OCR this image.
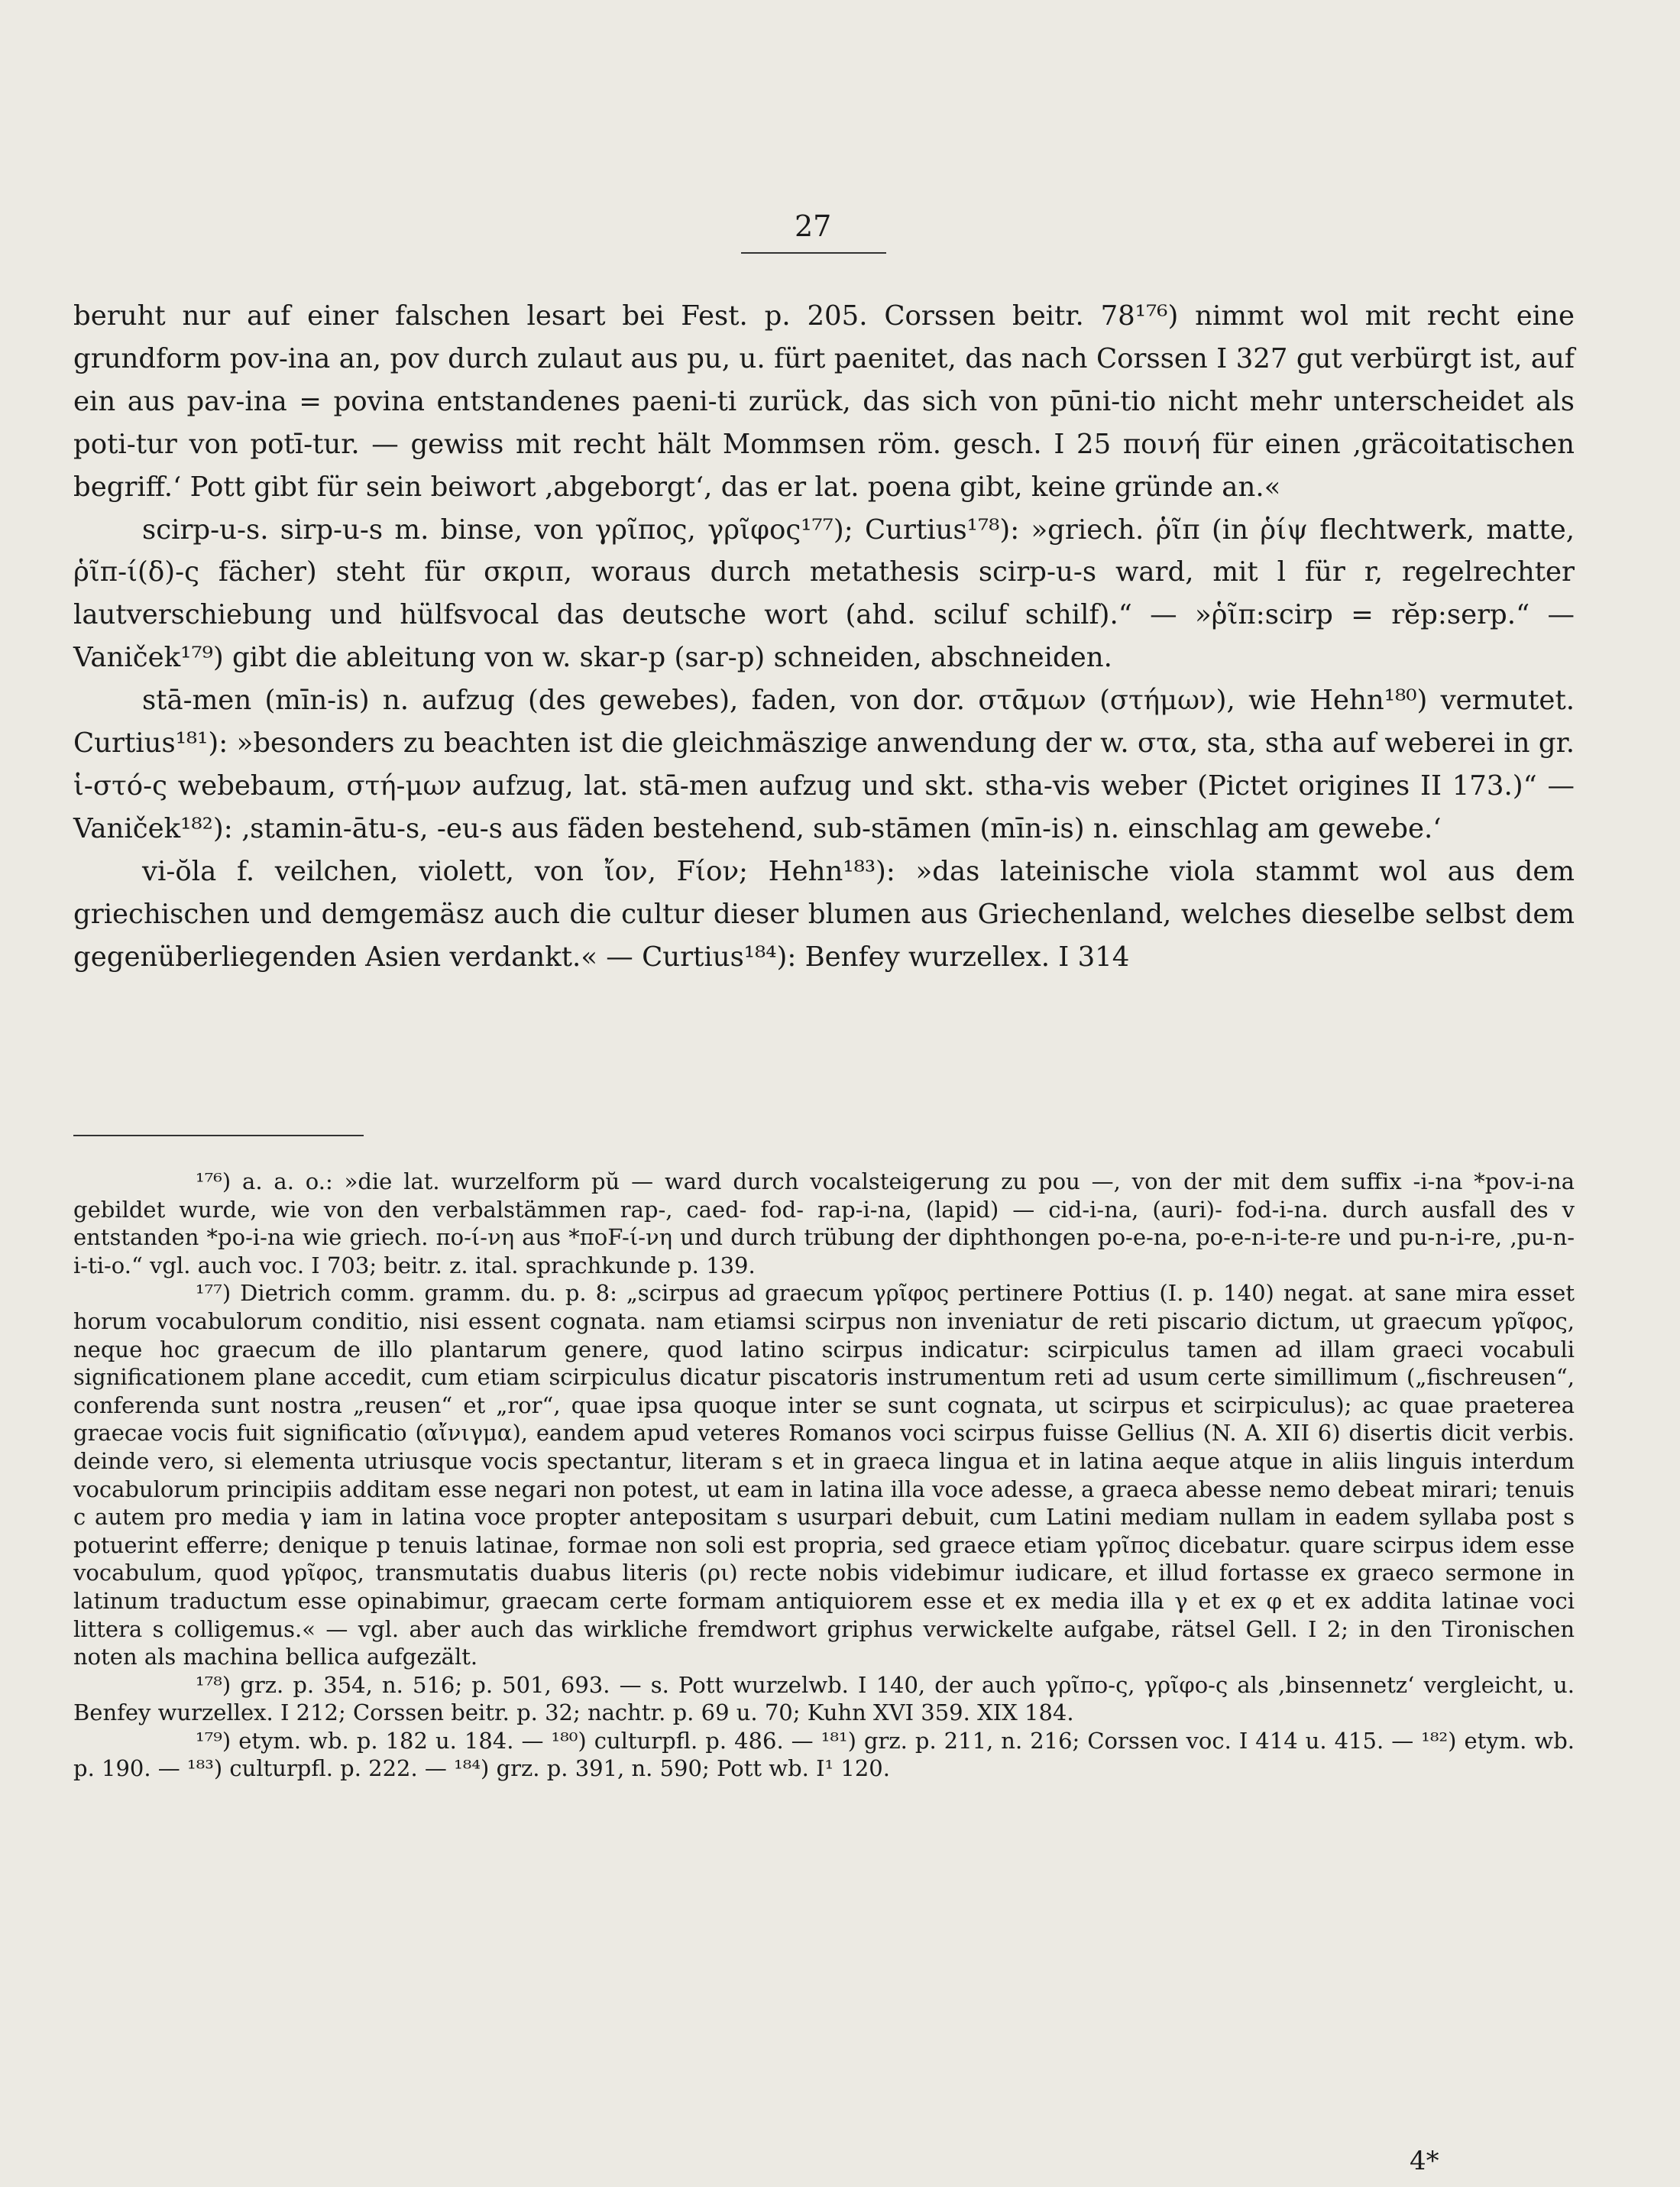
27

beruht nur auf einer falschen lesart bei Fest. p. 205. Corssen beitr. 78¹⁷⁶) nimmt wol mit recht eine grundform pov-ina an, pov durch zulaut aus pu, u. fürt paenitet, das nach Corssen I 327 gut verbürgt ist, auf ein aus pav-ina = povina entstandenes paeni-ti zurück, das sich von pūni-tio nicht mehr unterscheidet als poti-tur von potī-tur. — gewiss mit recht hält Mommsen röm. gesch. I 25 ποινή für einen ‚gräcoitatischen begriff.‘ Pott gibt für sein beiwort ‚abgeborgt‘, das er lat. poena gibt, keine gründe an.«

scirp-u-s. sirp-u-s m. binse, von γρῖπος, γρῖφος¹⁷⁷); Curtius¹⁷⁸): »griech. ῥῖπ (in ῥίψ flechtwerk, matte, ῥῖπ-ί(δ)-ς fächer) steht für σκριπ, woraus durch metathesis scirp-u-s ward, mit l für r, regelrechter lautverschiebung und hülfsvocal das deutsche wort (ahd. sciluf schilf).“ — »ῥῖπ:scirp = rĕp:serp.“ — Vaniček¹⁷⁹) gibt die ableitung von w. skar-p (sar-p) schneiden, abschneiden.

stā-men (mīn-is) n. aufzug (des gewebes), faden, von dor. στᾱμων (στήμων), wie Hehn¹⁸⁰) vermutet. Curtius¹⁸¹): »besonders zu beachten ist die gleichmäszige anwendung der w. στα, sta, stha auf weberei in gr. ἱ-στό-ς webebaum, στή-μων aufzug, lat. stā-men aufzug und skt. stha-vis weber (Pictet origines II 173.)“ — Vaniček¹⁸²): ‚stamin-ātu-s, -eu-s aus fäden bestehend, sub-stāmen (mīn-is) n. einschlag am gewebe.‘

vi-ŏla f. veilchen, violett, von ἴον, Fίον; Hehn¹⁸³): »das lateinische viola stammt wol aus dem griechischen und demgemäsz auch die cultur dieser blumen aus Griechenland, welches dieselbe selbst dem gegenüberliegenden Asien verdankt.« — Curtius¹⁸⁴): Benfey wurzellex. I 314

¹⁷⁶) a. a. o.: »die lat. wurzelform pŭ — ward durch vocalsteigerung zu pou —, von der mit dem suffix -i-na *pov-i-na gebildet wurde, wie von den verbalstämmen rap-, caed- fod- rap-i-na, (lapid) — cid-i-na, (auri)- fod-i-na. durch ausfall des v entstanden *po-i-na wie griech. πο-ί-νη aus *ποF-ί-νη und durch trübung der diphthongen po-e-na, po-e-n-i-te-re und pu-n-i-re, ‚pu-n-i-ti-o.“ vgl. auch voc. I 703; beitr. z. ital. sprachkunde p. 139.

¹⁷⁷) Dietrich comm. gramm. du. p. 8: „scirpus ad graecum γρῖφος pertinere Pottius (I. p. 140) negat. at sane mira esset horum vocabulorum conditio, nisi essent cognata. nam etiamsi scirpus non inveniatur de reti piscario dictum, ut graecum γρῖφος, neque hoc graecum de illo plantarum genere, quod latino scirpus indicatur: scirpiculus tamen ad illam graeci vocabuli significationem plane accedit, cum etiam scirpiculus dicatur piscatoris instrumentum reti ad usum certe simillimum („fischreusen“, conferenda sunt nostra „reusen“ et „ror“, quae ipsa quoque inter se sunt cognata, ut scirpus et scirpiculus); ac quae praeterea graecae vocis fuit significatio (αἴνιγμα), eandem apud veteres Romanos voci scirpus fuisse Gellius (N. A. XII 6) disertis dicit verbis. deinde vero, si elementa utriusque vocis spectantur, literam s et in graeca lingua et in latina aeque atque in aliis linguis interdum vocabulorum principiis additam esse negari non potest, ut eam in latina illa voce adesse, a graeca abesse nemo debeat mirari; tenuis c autem pro media γ iam in latina voce propter antepositam s usurpari debuit, cum Latini mediam nullam in eadem syllaba post s potuerint efferre; denique p tenuis latinae, formae non soli est propria, sed graece etiam γρῖπος dicebatur. quare scirpus idem esse vocabulum, quod γρῖφος, transmutatis duabus literis (ρι) recte nobis videbimur iudicare, et illud fortasse ex graeco sermone in latinum traductum esse opinabimur, graecam certe formam antiquiorem esse et ex media illa γ et ex φ et ex addita latinae voci littera s colligemus.« — vgl. aber auch das wirkliche fremdwort griphus verwickelte aufgabe, rätsel Gell. I 2; in den Tironischen noten als machina bellica aufgezält.

¹⁷⁸) grz. p. 354, n. 516; p. 501, 693. — s. Pott wurzelwb. I 140, der auch γρῖπο-ς, γρῖφο-ς als ‚binsennetz‘ vergleicht, u. Benfey wurzellex. I 212; Corssen beitr. p. 32; nachtr. p. 69 u. 70; Kuhn XVI 359. XIX 184.

¹⁷⁹) etym. wb. p. 182 u. 184. — ¹⁸⁰) culturpfl. p. 486. — ¹⁸¹) grz. p. 211, n. 216; Corssen voc. I 414 u. 415. — ¹⁸²) etym. wb. p. 190. — ¹⁸³) culturpfl. p. 222. — ¹⁸⁴) grz. p. 391, n. 590; Pott wb. I¹ 120.

4*
